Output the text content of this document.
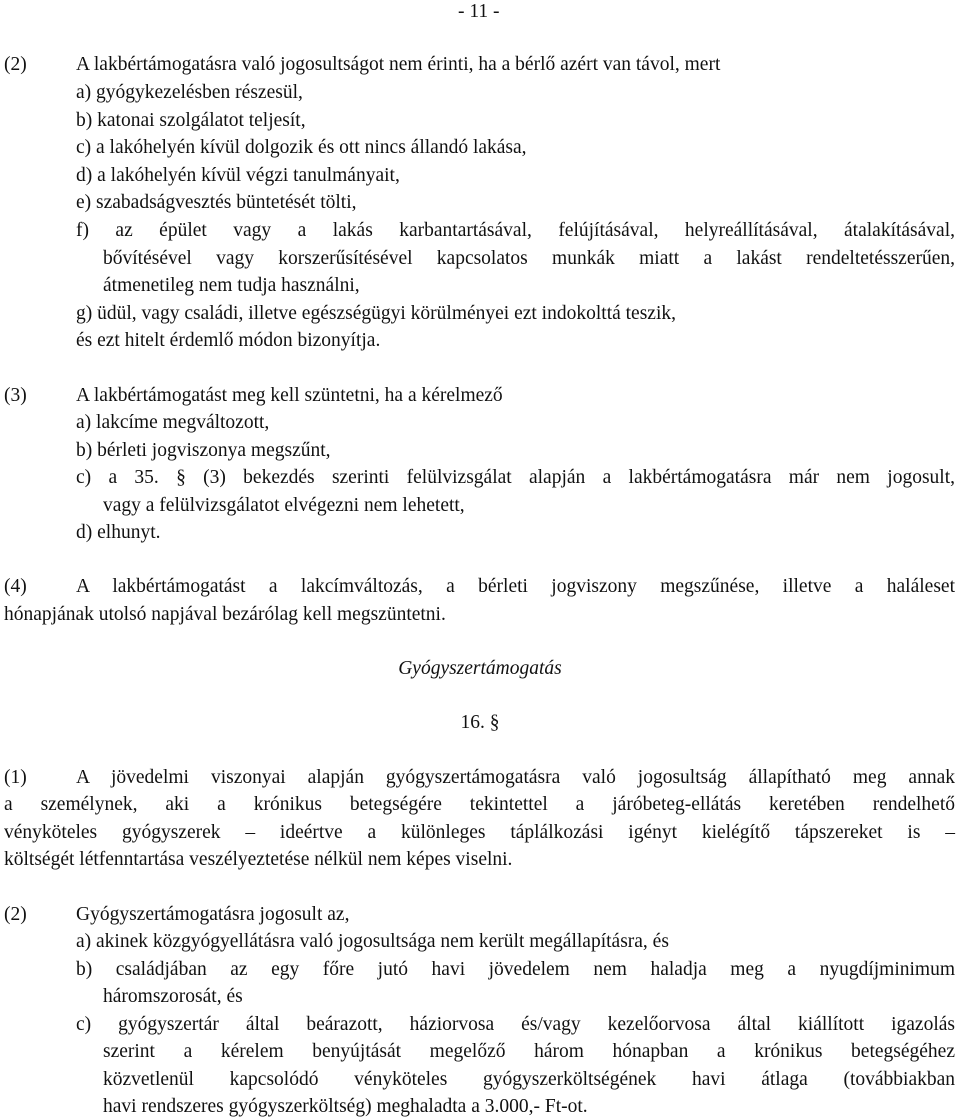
- 11 -
(2)	A lakbértámogatásra való jogosultságot nem érinti, ha a bérlő azért van távol, mert
a) gyógykezelésben részesül,
b) katonai szolgálatot teljesít,
c) a lakóhelyén kívül dolgozik és ott nincs állandó lakása,
d) a lakóhelyén kívül végzi tanulmányait,
e) szabadságvesztés büntetését tölti,
f) az épület vagy a lakás karbantartásával, felújításával, helyreállításával, átalakításával,
bővítésével vagy korszerűsítésével kapcsolatos munkák miatt a lakást rendeltetésszerűen,
átmenetileg nem tudja használni,
g) üdül, vagy családi, illetve egészségügyi körülményei ezt indokolttá teszik,
és ezt hitelt érdemlő módon bizonyítja.
(3)	A lakbértámogatást meg kell szüntetni, ha a kérelmező
a) lakcíme megváltozott,
b) bérleti jogviszonya megszűnt,
c) a 35. § (3) bekezdés szerinti felülvizsgálat alapján a lakbértámogatásra már nem jogosult,
vagy a felülvizsgálatot elvégezni nem lehetett,
d) elhunyt.
(4)	A lakbértámogatást a lakcímváltozás, a bérleti jogviszony megszűnése, illetve a haláleset
hónapjának utolsó napjával bezárólag kell megszüntetni.
Gyógyszertámogatás
16. §
(1)	A jövedelmi viszonyai alapján gyógyszertámogatásra való jogosultság állapítható meg annak
a személynek, aki a krónikus betegségére tekintettel a járóbeteg-ellátás keretében rendelhető
vényköteles gyógyszerek – ideértve a különleges táplálkozási igényt kielégítő tápszereket is –
költségét létfenntartása veszélyeztetése nélkül nem képes viselni.
(2)	Gyógyszertámogatásra jogosult az,
a) akinek közgyógyellátásra való jogosultsága nem került megállapításra, és
b) családjában az egy főre jutó havi jövedelem nem haladja meg a nyugdíjminimum
háromszorosát, és
c) gyógyszertár által beárazott, háziorvosa és/vagy kezelőorvosa által kiállított igazolás
szerint a kérelem benyújtását megelőző három hónapban a krónikus betegségéhez
közvetlenül kapcsolódó vényköteles gyógyszerköltségének havi átlaga (továbbiakban
havi rendszeres gyógyszerköltség) meghaladta a 3.000,- Ft-ot.
